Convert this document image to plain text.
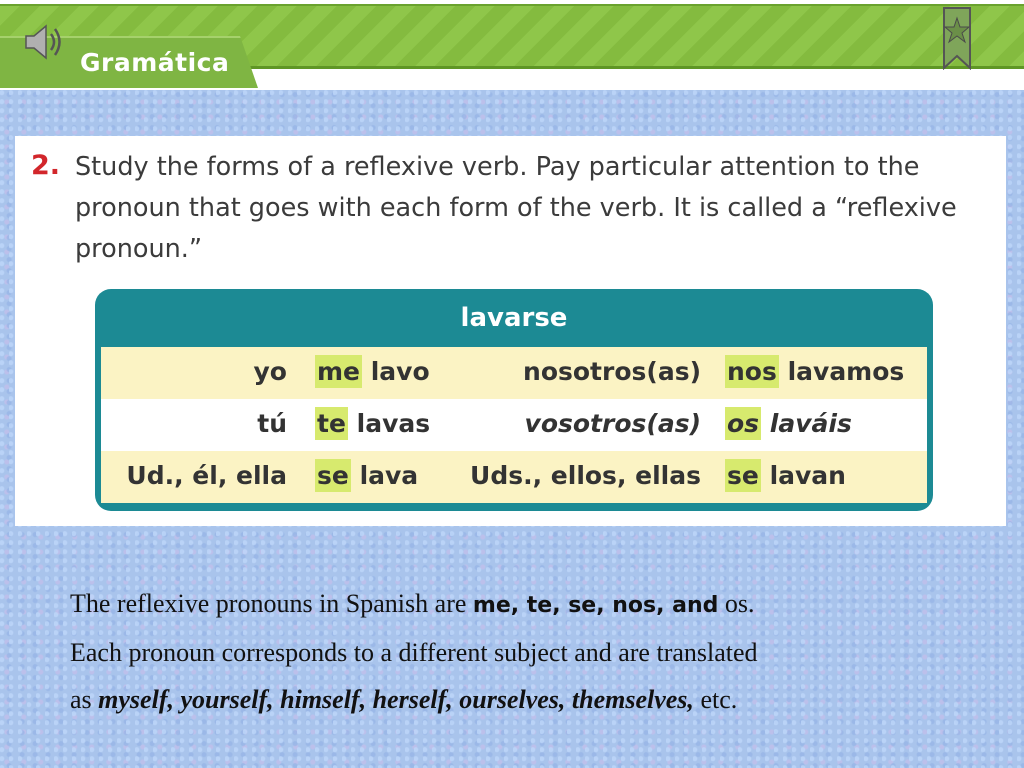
Gramática
2. Study the forms of a reflexive verb. Pay particular attention to the pronoun that goes with each form of the verb. It is called a “reflexive pronoun.”
lavarse
yo me lavo	nosotros(as) nos lavamos
tú te lavas	vosotros(as) os laváis
Ud., él, ella se lava Uds., ellos, ellas se lavan
The reflexive pronouns in Spanish are me, te, se, nos, and os.
Each pronoun corresponds to a different subject and are translated
as myself, yourself, himself, herself, ourselves, themselves, etc.
